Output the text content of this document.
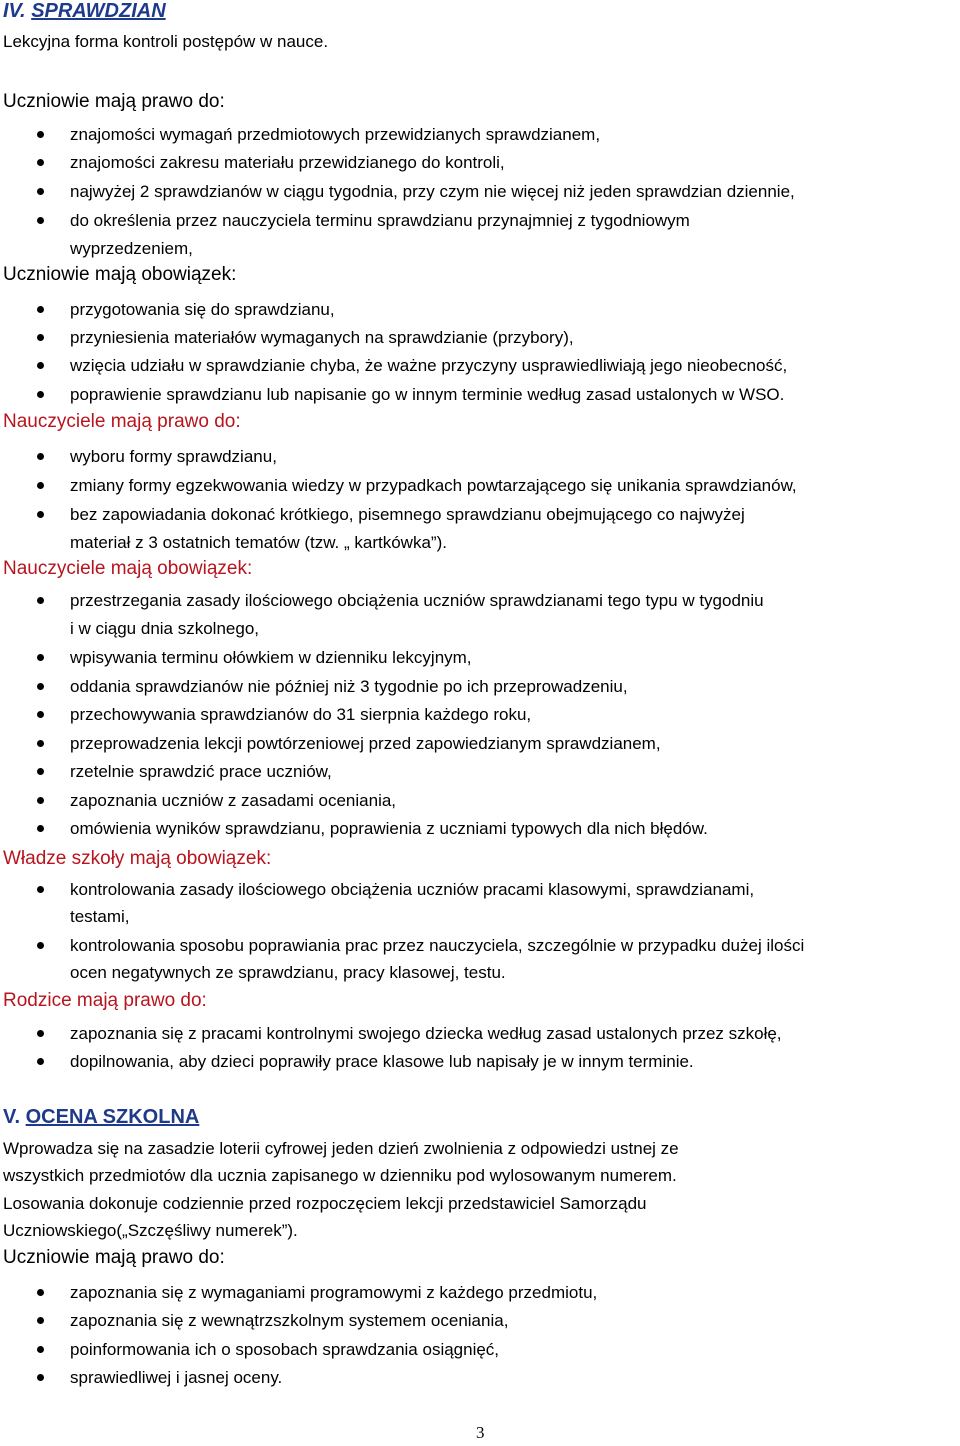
IV. SPRAWDZIAN
Lekcyjna forma kontroli postępów w nauce.
Uczniowie mają prawo do:
znajomości wymagań przedmiotowych przewidzianych sprawdzianem,
znajomości zakresu materiału przewidzianego do kontroli,
najwyżej 2 sprawdzianów w ciągu tygodnia, przy czym nie więcej niż jeden sprawdzian dziennie,
do określenia przez nauczyciela terminu sprawdzianu przynajmniej z tygodniowym
wyprzedzeniem,
Uczniowie mają obowiązek:
przygotowania się do sprawdzianu,
przyniesienia materiałów wymaganych na sprawdzianie (przybory),
wzięcia udziału w sprawdzianie chyba, że ważne przyczyny usprawiedliwiają jego nieobecność,
poprawienie sprawdzianu lub napisanie go w innym terminie według zasad ustalonych w WSO.
Nauczyciele mają prawo do:
wyboru formy sprawdzianu,
zmiany formy egzekwowania wiedzy w przypadkach powtarzającego się unikania sprawdzianów,
bez zapowiadania dokonać krótkiego, pisemnego sprawdzianu obejmującego co najwyżej
materiał z 3 ostatnich tematów (tzw. „ kartkówka”).
Nauczyciele mają obowiązek:
przestrzegania zasady ilościowego obciążenia uczniów sprawdzianami tego typu w tygodniu
i w ciągu dnia szkolnego,
wpisywania terminu ołówkiem w dzienniku lekcyjnym,
oddania sprawdzianów nie później niż 3 tygodnie po ich przeprowadzeniu,
przechowywania sprawdzianów do 31 sierpnia każdego roku,
przeprowadzenia lekcji powtórzeniowej przed zapowiedzianym sprawdzianem,
rzetelnie sprawdzić prace uczniów,
zapoznania uczniów z zasadami oceniania,
omówienia wyników sprawdzianu, poprawienia z uczniami typowych dla nich błędów.
Władze szkoły mają obowiązek:
kontrolowania zasady ilościowego obciążenia uczniów pracami klasowymi, sprawdzianami,
testami,
kontrolowania sposobu poprawiania prac przez nauczyciela, szczególnie w przypadku dużej ilości
ocen negatywnych ze sprawdzianu, pracy klasowej, testu.
Rodzice mają prawo do:
zapoznania się z pracami kontrolnymi swojego dziecka według zasad ustalonych przez szkołę,
dopilnowania, aby dzieci poprawiły prace klasowe lub napisały je w innym terminie.
V. OCENA SZKOLNA
Wprowadza się na zasadzie loterii cyfrowej jeden dzień zwolnienia z odpowiedzi ustnej ze
wszystkich przedmiotów dla ucznia zapisanego w dzienniku pod wylosowanym numerem.
Losowania dokonuje codziennie przed rozpoczęciem lekcji przedstawiciel Samorządu
Uczniowskiego(„Szczęśliwy numerek”).
Uczniowie mają prawo do:
zapoznania się z wymaganiami programowymi z każdego przedmiotu,
zapoznania się z wewnątrzszkolnym systemem oceniania,
poinformowania ich o sposobach sprawdzania osiągnięć,
sprawiedliwej i jasnej oceny.
3
